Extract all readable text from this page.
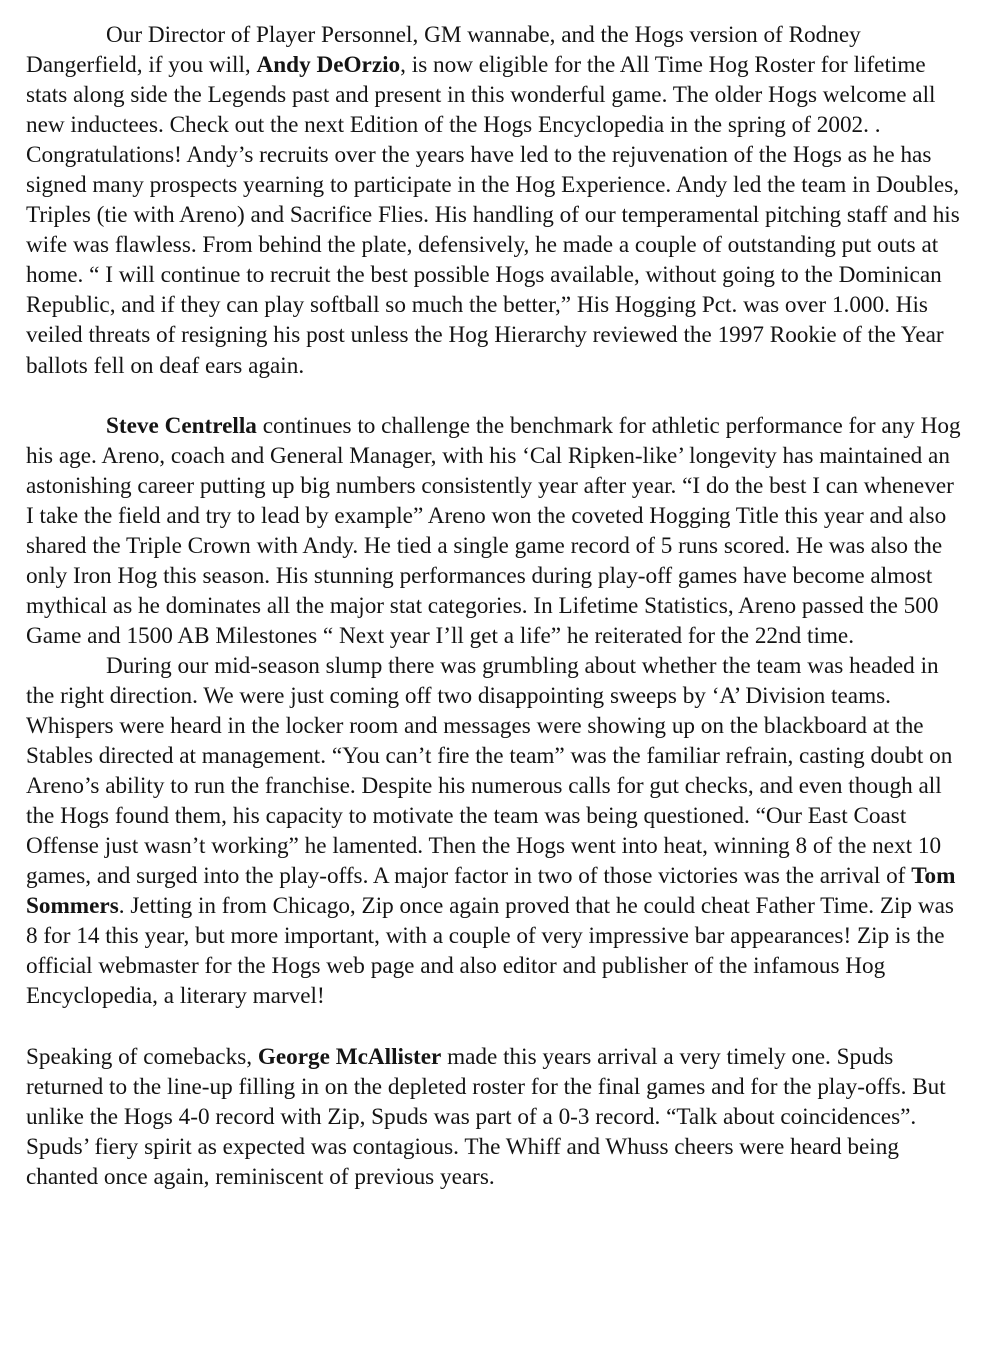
Our Director of Player Personnel, GM wannabe, and the Hogs version of Rodney Dangerfield, if you will, Andy DeOrzio, is now eligible for the All Time Hog Roster for lifetime stats along side the Legends past and present in this wonderful game. The older Hogs welcome all new inductees. Check out the next Edition of the Hogs Encyclopedia in the spring of 2002. . Congratulations! Andy’s recruits over the years have led to the rejuvenation of the Hogs as he has signed many prospects yearning to participate in the Hog Experience. Andy led the team in Doubles, Triples (tie with Areno) and Sacrifice Flies. His handling of our temperamental pitching staff and his wife was flawless. From behind the plate, defensively, he made a couple of outstanding put outs at home. “ I will continue to recruit the best possible Hogs available, without going to the Dominican Republic, and if they can play softball so much the better,” His Hogging Pct. was over 1.000. His veiled threats of resigning his post unless the Hog Hierarchy reviewed the 1997 Rookie of the Year ballots fell on deaf ears again.

Steve Centrella continues to challenge the benchmark for athletic performance for any Hog his age. Areno, coach and General Manager, with his ‘Cal Ripken-like’ longevity has maintained an astonishing career putting up big numbers consistently year after year. “I do the best I can whenever I take the field and try to lead by example” Areno won the coveted Hogging Title this year and also shared the Triple Crown with Andy. He tied a single game record of 5 runs scored. He was also the only Iron Hog this season. His stunning performances during play-off games have become almost mythical as he dominates all the major stat categories. In Lifetime Statistics, Areno passed the 500 Game and 1500 AB Milestones “ Next year I’ll get a life” he reiterated for the 22nd time.

During our mid-season slump there was grumbling about whether the team was headed in the right direction. We were just coming off two disappointing sweeps by ‘A’ Division teams. Whispers were heard in the locker room and messages were showing up on the blackboard at the Stables directed at management. “You can’t fire the team” was the familiar refrain, casting doubt on Areno’s ability to run the franchise. Despite his numerous calls for gut checks, and even though all the Hogs found them, his capacity to motivate the team was being questioned. “Our East Coast Offense just wasn’t working” he lamented. Then the Hogs went into heat, winning 8 of the next 10 games, and surged into the play-offs. A major factor in two of those victories was the arrival of Tom Sommers. Jetting in from Chicago, Zip once again proved that he could cheat Father Time. Zip was 8 for 14 this year, but more important, with a couple of very impressive bar appearances! Zip is the official webmaster for the Hogs web page and also editor and publisher of the infamous Hog Encyclopedia, a literary marvel!

Speaking of comebacks, George McAllister made this years arrival a very timely one. Spuds returned to the line-up filling in on the depleted roster for the final games and for the play-offs. But unlike the Hogs 4-0 record with Zip, Spuds was part of a 0-3 record. “Talk about coincidences”. Spuds’ fiery spirit as expected was contagious. The Whiff and Whuss cheers were heard being chanted once again, reminiscent of previous years.
